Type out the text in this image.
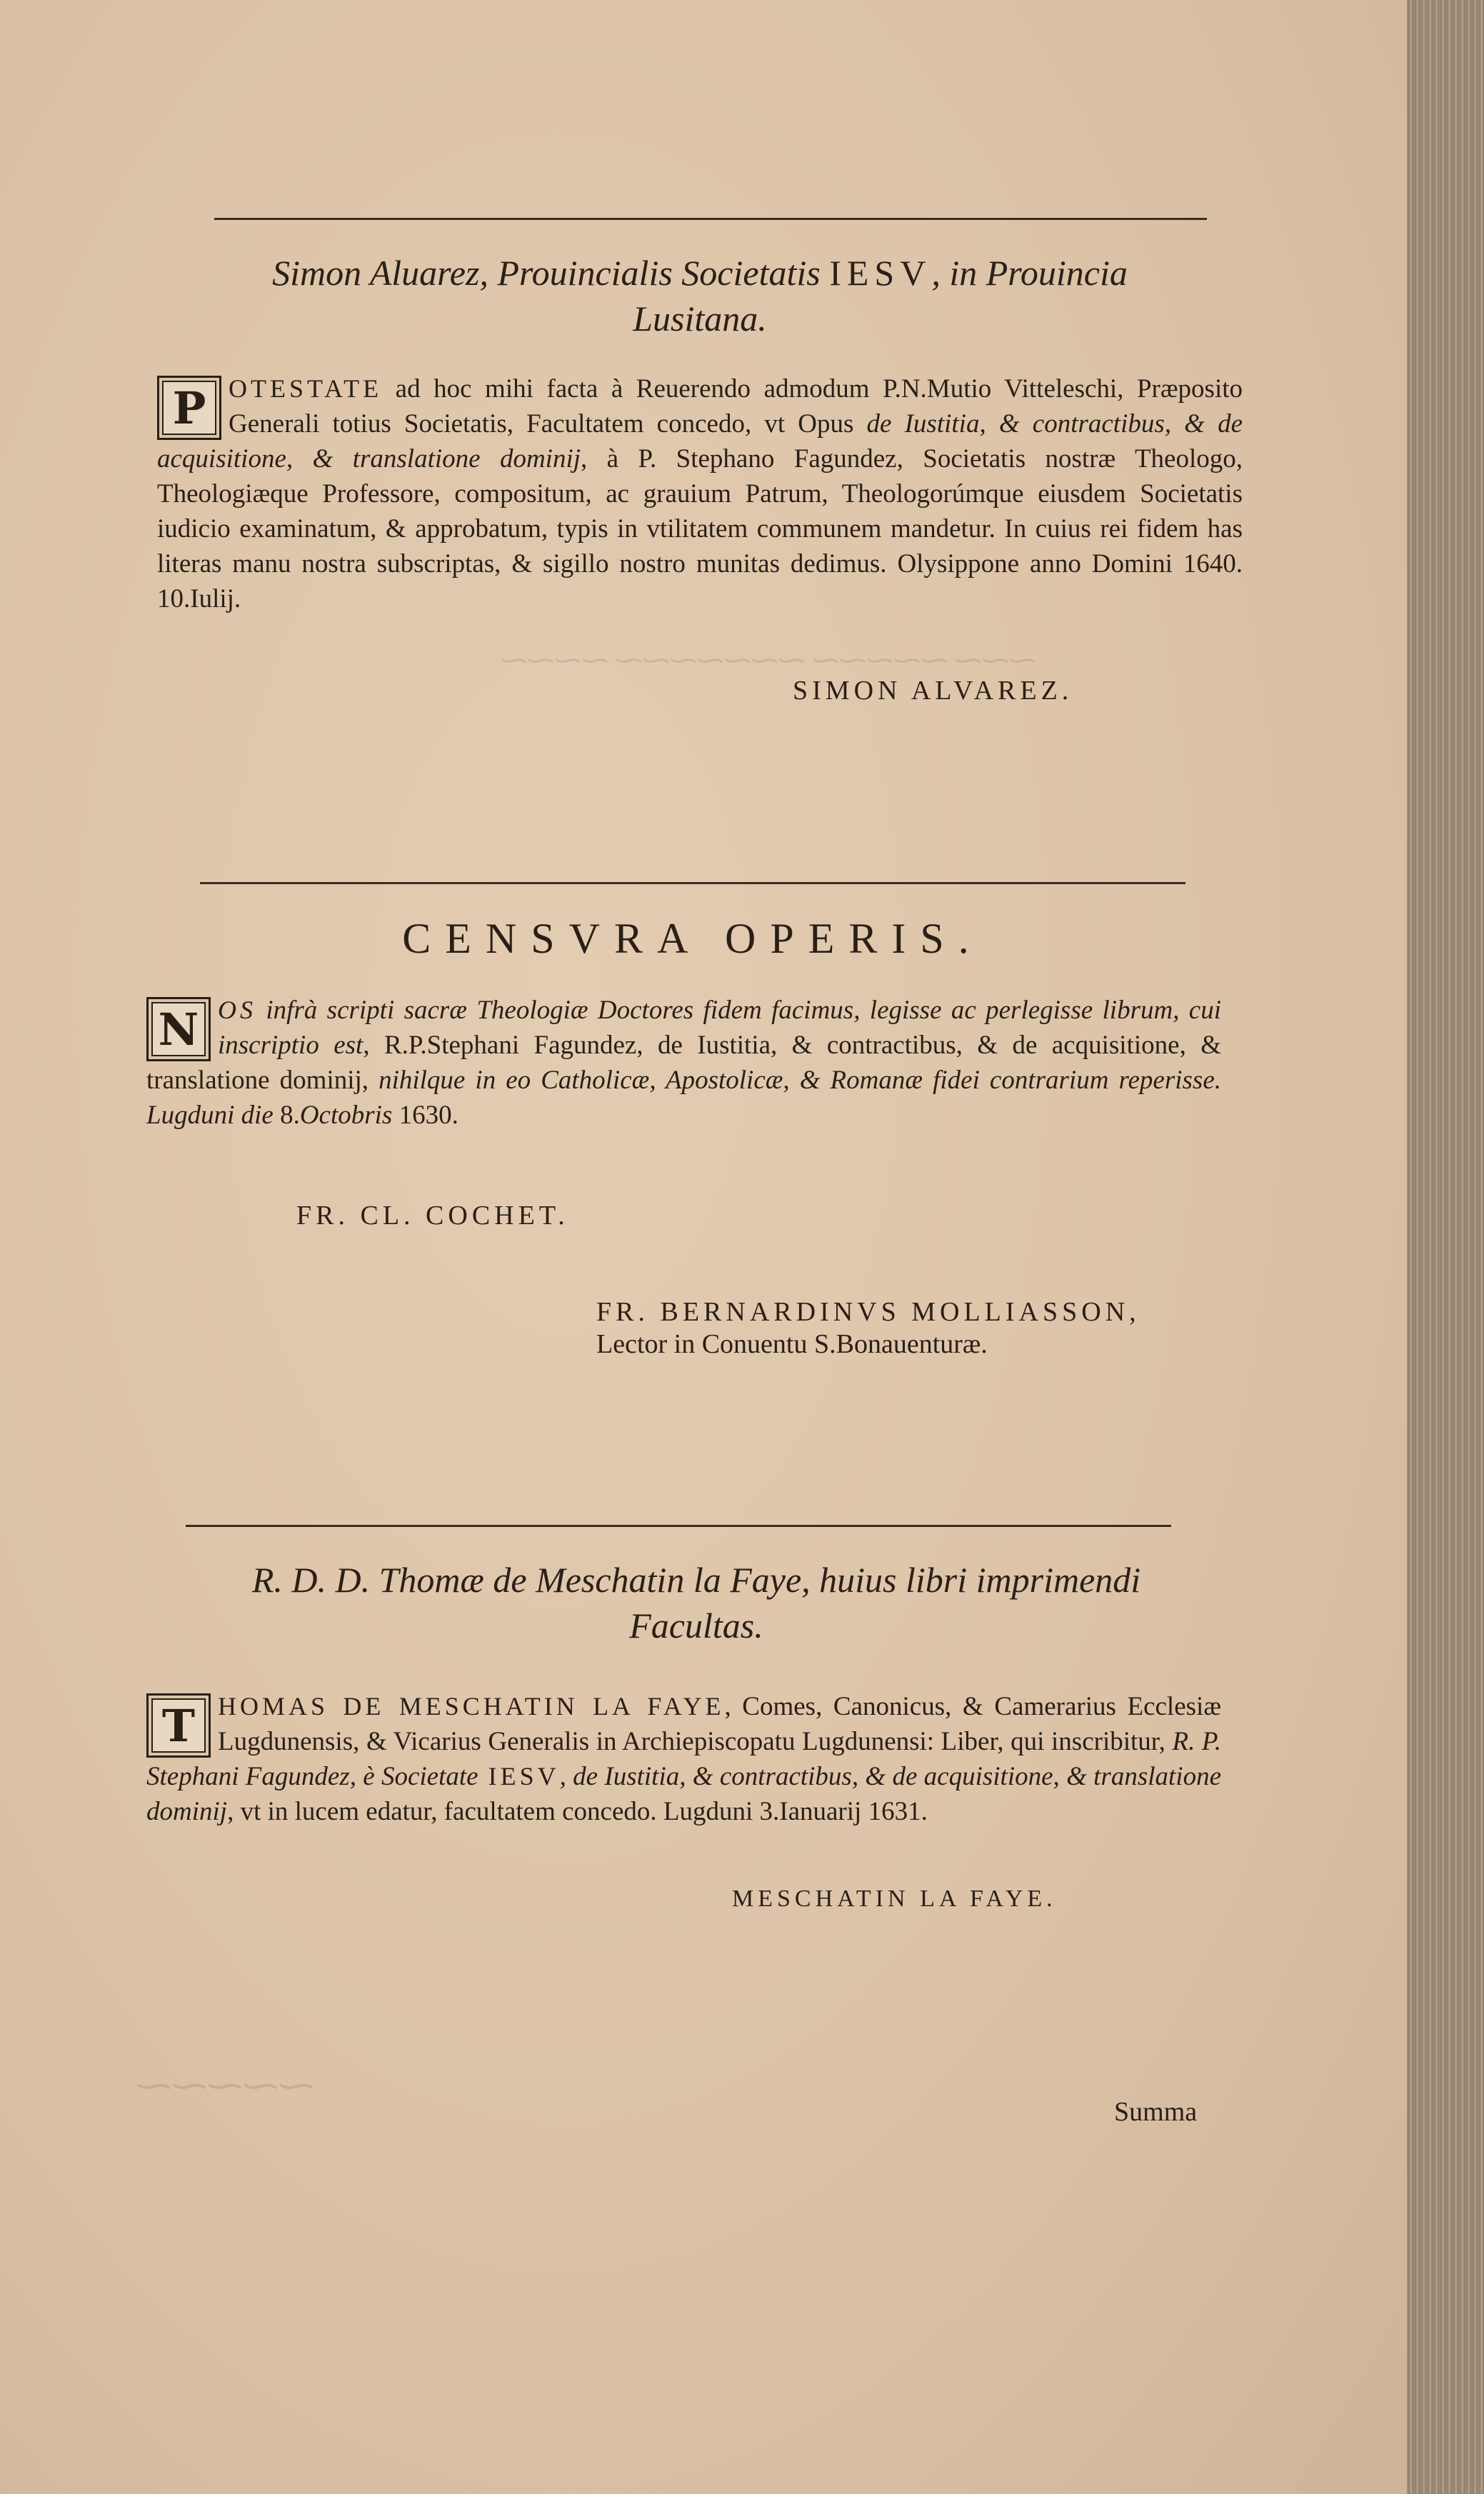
Simon Aluarez, Prouincialis Societatis IESV, in Prouincia
Lusitana.
P OTESTATE ad hoc mihi facta à Reuerendo admodum P.N.Mutio Vitteleschi, Præposito Generali totius Societatis, Facultatem concedo, vt Opus de Iustitia, & contractibus, & de acquisitione, & translatione dominij, à P. Stephano Fagundez, Societatis nostræ Theologo, Theologiæque Professore, compositum, ac grauium Patrum, Theologorúmque eiusdem Societatis iudicio examinatum, & approbatum, typis in vtilitatem communem mandetur. In cuius rei fidem has literas manu nostra subscriptas, & sigillo nostro munitas dedimus. Olysippone anno Domini 1640. 10.Iulij.
SIMON ALVAREZ.
⁓⁓⁓ ⁓⁓⁓⁓⁓ ⁓⁓⁓⁓⁓⁓⁓ ⁓⁓⁓⁓
CENSVRA OPERIS.
N OS infrà scripti sacræ Theologiæ Doctores fidem facimus, legisse ac perlegisse librum, cui inscriptio est, R.P.Stephani Fagundez, de Iustitia, & contractibus, & de acquisitione, & translatione dominij, nihilque in eo Catholicæ, Apostolicæ, & Romanæ fidei contrarium reperisse. Lugduni die 8.Octobris 1630.
FR. CL. COCHET.
FR. BERNARDINVS MOLLIASSON,
Lector in Conuentu S.Bonauenturæ.
R. D. D. Thomæ de Meschatin la Faye, huius libri imprimendi
Facultas.
T HOMAS DE MESCHATIN LA FAYE, Comes, Canonicus, & Camerarius Ecclesiæ Lugdunensis, & Vicarius Generalis in Archiepiscopatu Lugdunensi: Liber, qui inscribitur, R. P. Stephani Fagundez, è Societate IESV, de Iustitia, & contractibus, & de acquisitione, & translatione dominij, vt in lucem edatur, facultatem concedo. Lugduni 3.Ianuarij 1631.
MESCHATIN LA FAYE.
⁓⁓⁓⁓⁓
Summa
